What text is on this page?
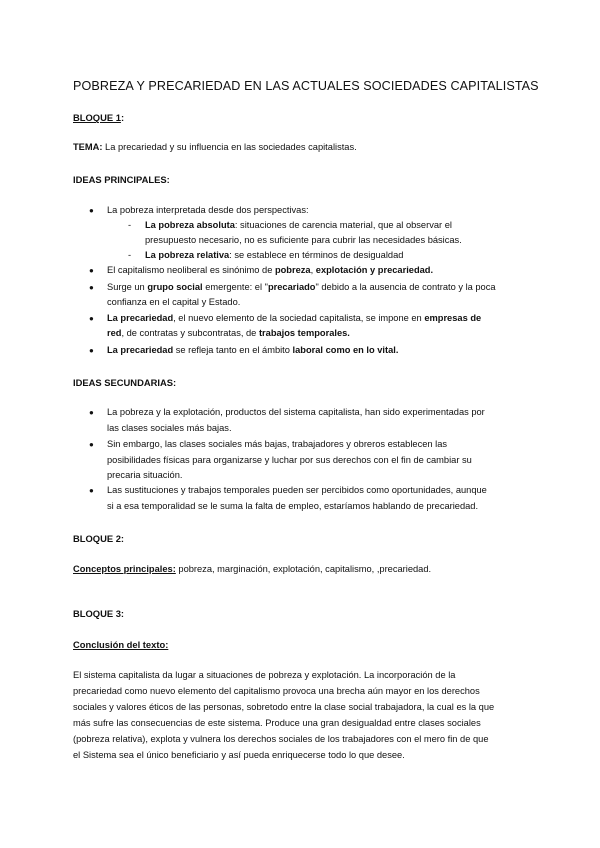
POBREZA Y PRECARIEDAD EN LAS ACTUALES SOCIEDADES CAPITALISTAS
BLOQUE 1:
TEMA: La precariedad y su influencia en las sociedades capitalistas.
IDEAS PRINCIPALES:
● La pobreza interpretada desde dos perspectivas:
- La pobreza absoluta: situaciones de carencia material, que al observar el
presupuesto necesario, no es suficiente para cubrir las necesidades básicas.
- La pobreza relativa: se establece en términos de desigualdad
● El capitalismo neoliberal es sinónimo de pobreza, explotación y precariedad.
● Surge un grupo social emergente: el "precariado" debido a la ausencia de contrato y la poca
confianza en el capital y Estado.
● La precariedad, el nuevo elemento de la sociedad capitalista, se impone en empresas de
red, de contratas y subcontratas, de trabajos temporales.
● La precariedad se refleja tanto en el ámbito laboral como en lo vital.
IDEAS SECUNDARIAS:
● La pobreza y la explotación, productos del sistema capitalista, han sido experimentadas por
las clases sociales más bajas.
● Sin embargo, las clases sociales más bajas, trabajadores y obreros establecen las
posibilidades físicas para organizarse y luchar por sus derechos con el fin de cambiar su
precaria situación.
● Las sustituciones y trabajos temporales pueden ser percibidos como oportunidades, aunque
si a esa temporalidad se le suma la falta de empleo, estaríamos hablando de precariedad.
BLOQUE 2:
Conceptos principales: pobreza, marginación, explotación, capitalismo, ,precariedad.
BLOQUE 3:
Conclusión del texto:
El sistema capitalista da lugar a situaciones de pobreza y explotación. La incorporación de la
precariedad como nuevo elemento del capitalismo provoca una brecha aún mayor en los derechos
sociales y valores éticos de las personas, sobretodo entre la clase social trabajadora, la cual es la que
más sufre las consecuencias de este sistema. Produce una gran desigualdad entre clases sociales
(pobreza relativa), explota y vulnera los derechos sociales de los trabajadores con el mero fin de que
el Sistema sea el único beneficiario y así pueda enriquecerse todo lo que desee.
